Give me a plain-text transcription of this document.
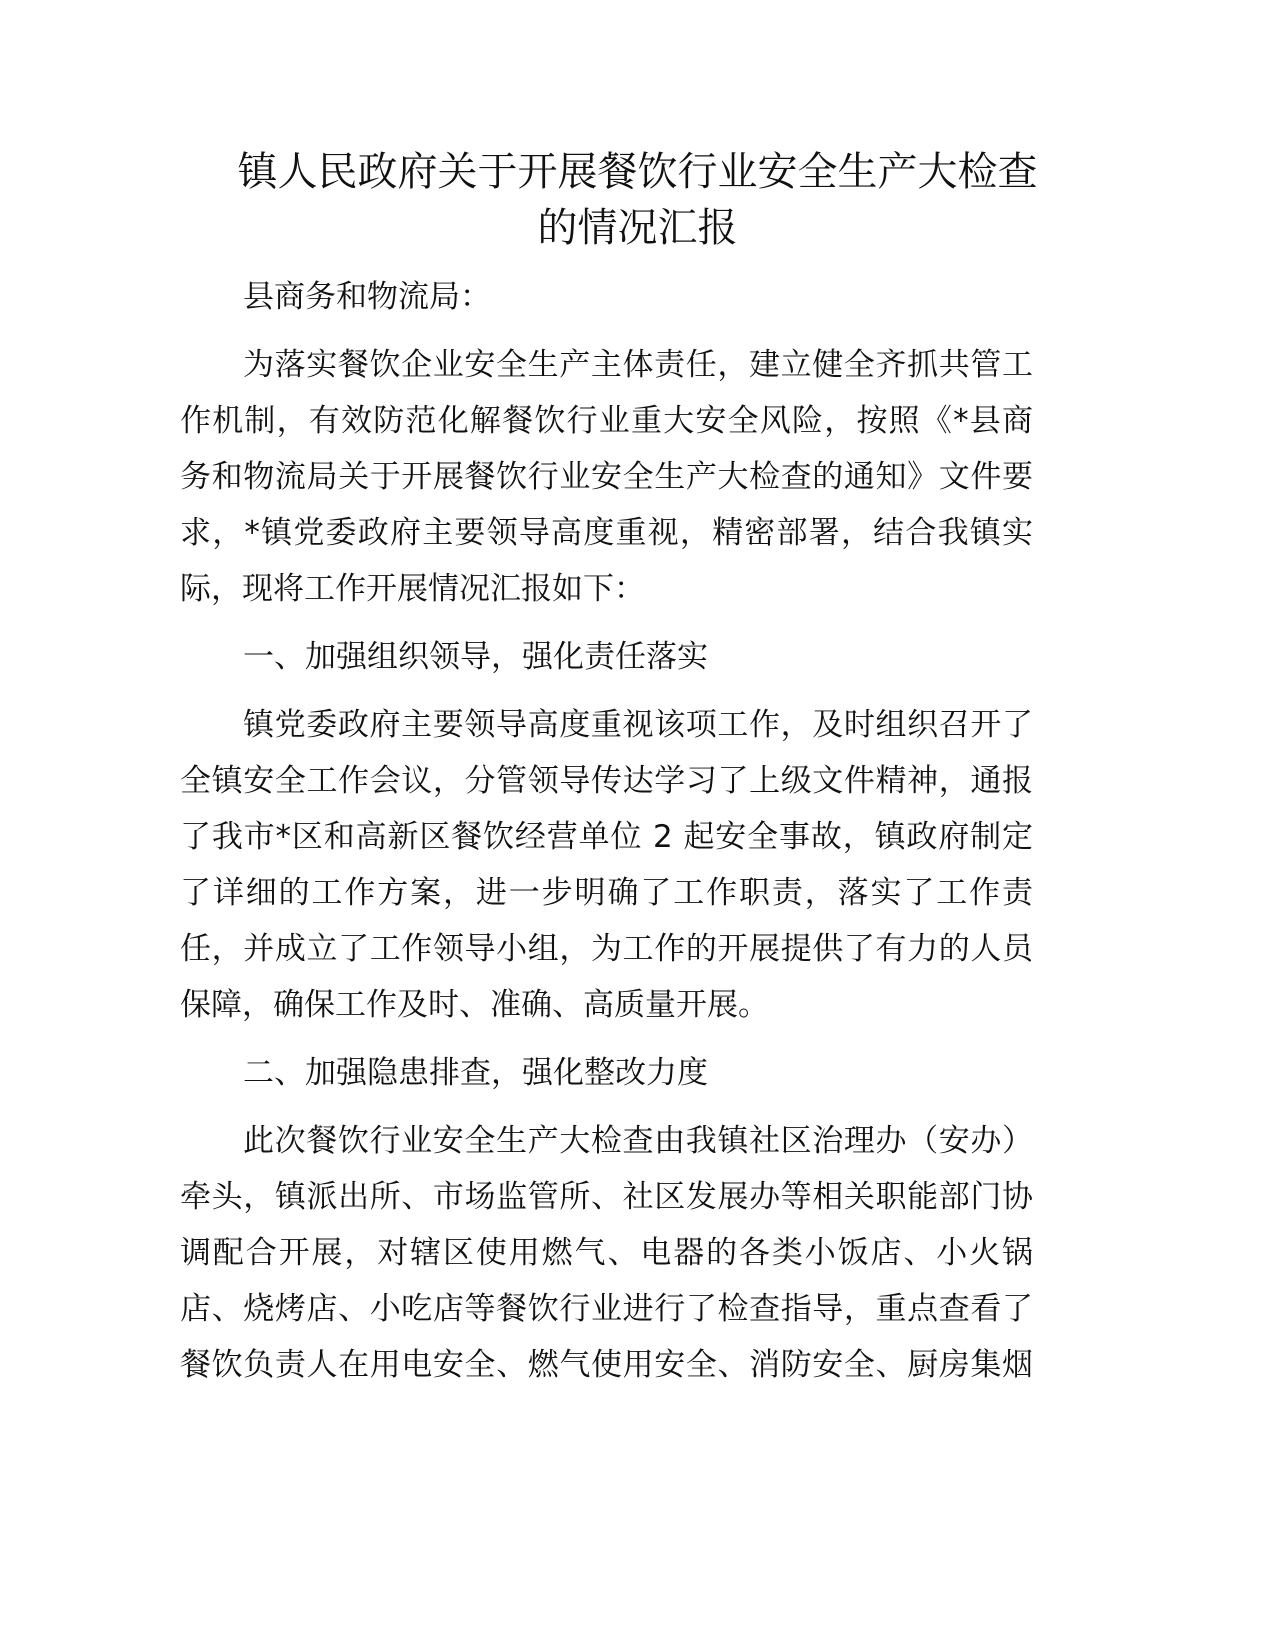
镇人民政府关于开展餐饮行业安全生产大检查
的情况汇报
县商务和物流局：
为落实餐饮企业安全生产主体责任，建立健全齐抓共管工
作机制，有效防范化解餐饮行业重大安全风险，按照《*县商
务和物流局关于开展餐饮行业安全生产大检查的通知》文件要
求，*镇党委政府主要领导高度重视，精密部署，结合我镇实
际，现将工作开展情况汇报如下：
一、加强组织领导，强化责任落实
镇党委政府主要领导高度重视该项工作，及时组织召开了
全镇安全工作会议，分管领导传达学习了上级文件精神，通报
了我市*区和高新区餐饮经营单位 2 起安全事故，镇政府制定
了详细的工作方案，进一步明确了工作职责，落实了工作责
任，并成立了工作领导小组，为工作的开展提供了有力的人员
保障，确保工作及时、准确、高质量开展。
二、加强隐患排查，强化整改力度
此次餐饮行业安全生产大检查由我镇社区治理办（安办）
牵头，镇派出所、市场监管所、社区发展办等相关职能部门协
调配合开展，对辖区使用燃气、电器的各类小饭店、小火锅
店、烧烤店、小吃店等餐饮行业进行了检查指导，重点查看了
餐饮负责人在用电安全、燃气使用安全、消防安全、厨房集烟
